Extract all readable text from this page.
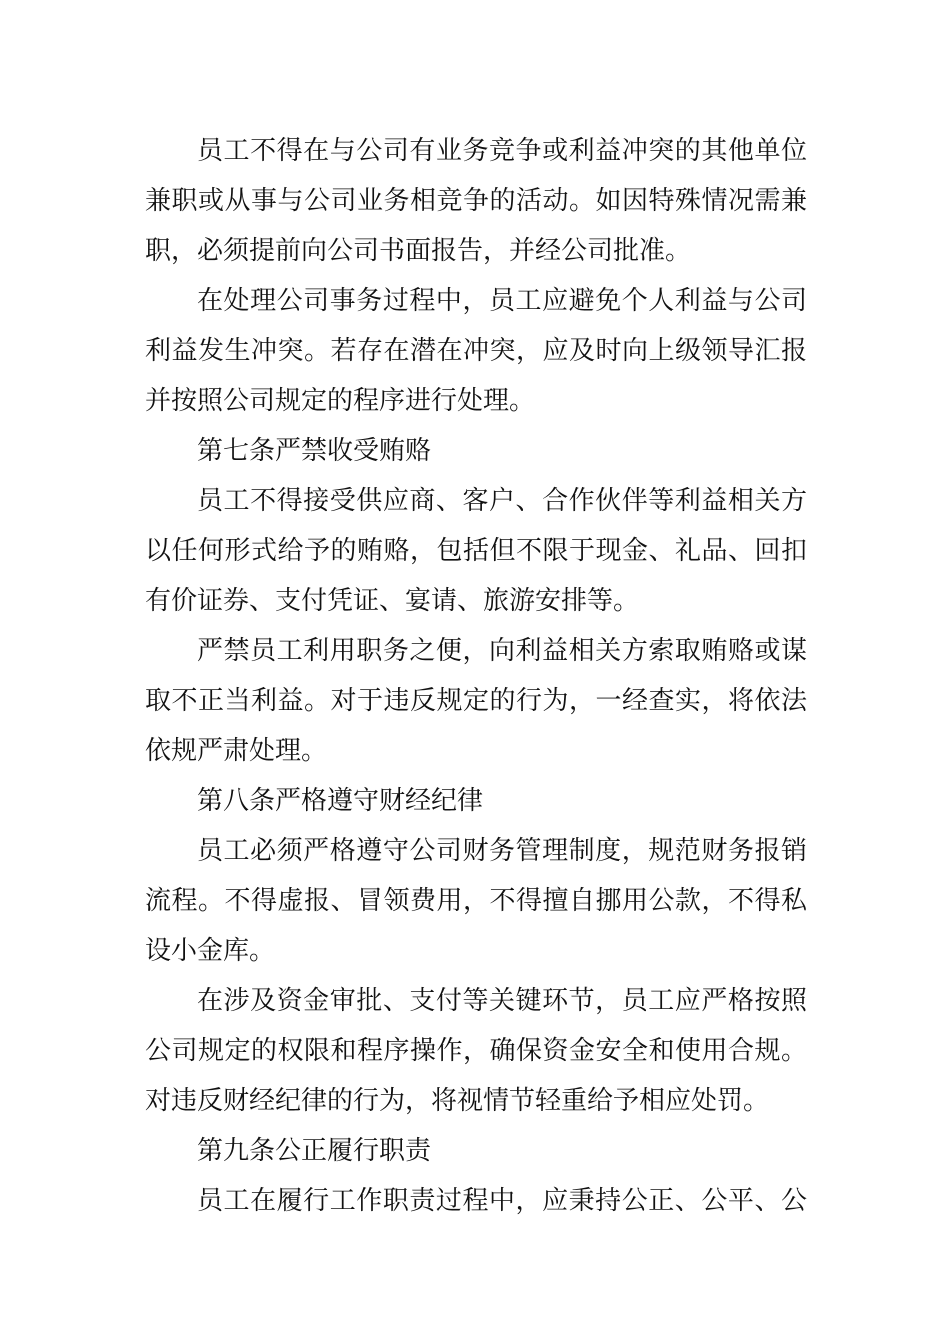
员工不得在与公司有业务竞争或利益冲突的其他单位
兼职或从事与公司业务相竞争的活动。如因特殊情况需兼
职，必须提前向公司书面报告，并经公司批准。
在处理公司事务过程中，员工应避免个人利益与公司
利益发生冲突。若存在潜在冲突，应及时向上级领导汇报
并按照公司规定的程序进行处理。
第七条严禁收受贿赂
员工不得接受供应商、客户、合作伙伴等利益相关方
以任何形式给予的贿赂，包括但不限于现金、礼品、回扣
有价证券、支付凭证、宴请、旅游安排等。
严禁员工利用职务之便，向利益相关方索取贿赂或谋
取不正当利益。对于违反规定的行为，一经查实，将依法
依规严肃处理。
第八条严格遵守财经纪律
员工必须严格遵守公司财务管理制度，规范财务报销
流程。不得虚报、冒领费用，不得擅自挪用公款，不得私
设小金库。
在涉及资金审批、支付等关键环节，员工应严格按照
公司规定的权限和程序操作，确保资金安全和使用合规。
对违反财经纪律的行为，将视情节轻重给予相应处罚。
第九条公正履行职责
员工在履行工作职责过程中，应秉持公正、公平、公
